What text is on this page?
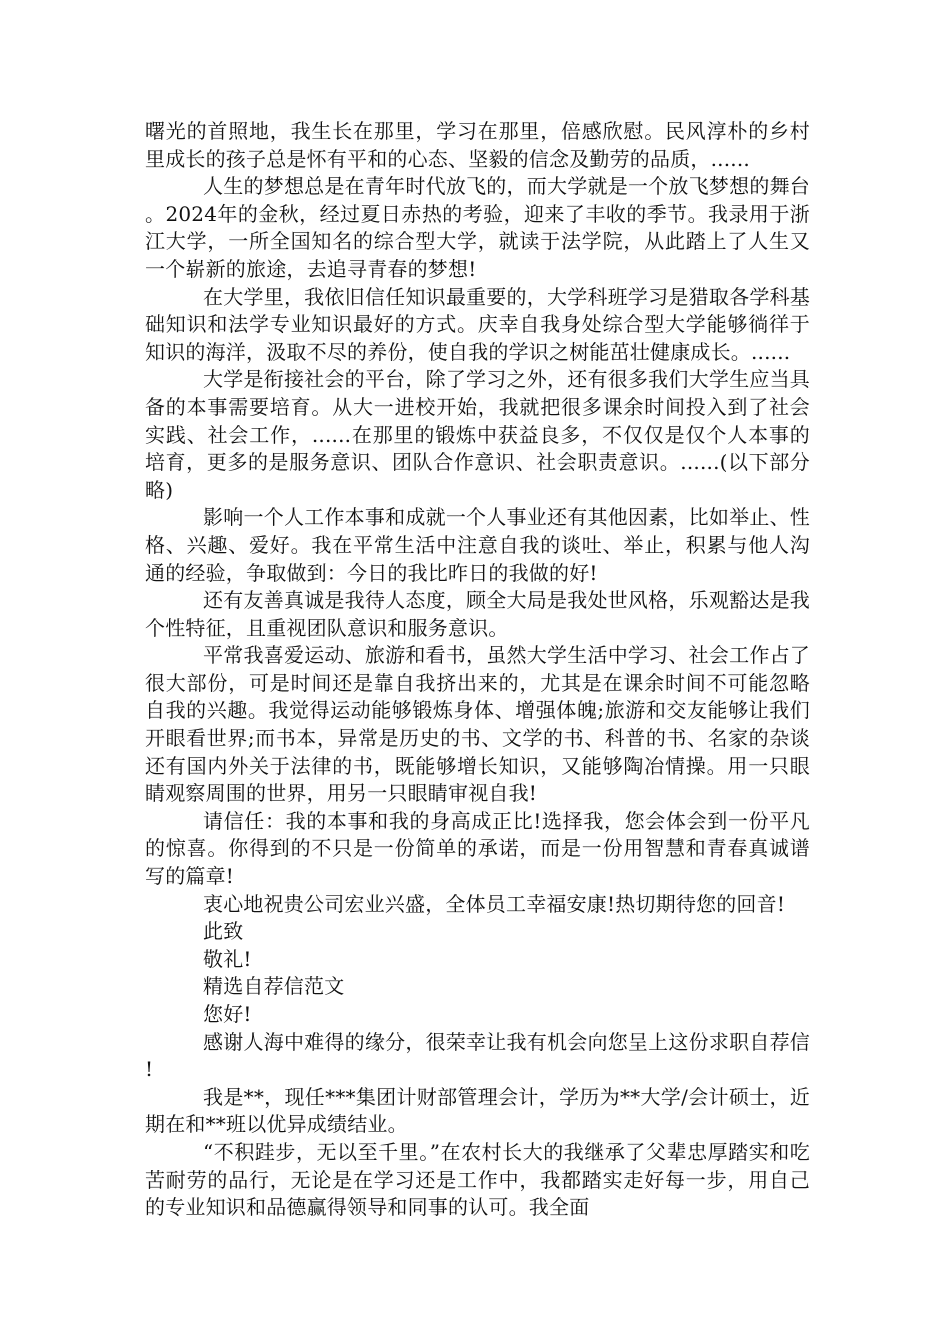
曙光的首照地，我生长在那里，学习在那里，倍感欣慰。民风淳朴的乡村里成长的孩子总是怀有平和的心态、坚毅的信念及勤劳的品质，......

人生的梦想总是在青年时代放飞的，而大学就是一个放飞梦想的舞台。2024年的金秋，经过夏日赤热的考验，迎来了丰收的季节。我录用于浙江大学，一所全国知名的综合型大学，就读于法学院，从此踏上了人生又一个崭新的旅途，去追寻青春的梦想!

在大学里，我依旧信任知识最重要的，大学科班学习是猎取各学科基础知识和法学专业知识最好的方式。庆幸自我身处综合型大学能够徜徉于知识的海洋，汲取不尽的养份，使自我的学识之树能茁壮健康成长。......

大学是衔接社会的平台，除了学习之外，还有很多我们大学生应当具备的本事需要培育。从大一进校开始，我就把很多课余时间投入到了社会实践、社会工作，......在那里的锻炼中获益良多，不仅仅是仅个人本事的培育，更多的是服务意识、团队合作意识、社会职责意识。......(以下部分略)

影响一个人工作本事和成就一个人事业还有其他因素，比如举止、性格、兴趣、爱好。我在平常生活中注意自我的谈吐、举止，积累与他人沟通的经验，争取做到：今日的我比昨日的我做的好!

还有友善真诚是我待人态度，顾全大局是我处世风格，乐观豁达是我个性特征，且重视团队意识和服务意识。

平常我喜爱运动、旅游和看书，虽然大学生活中学习、社会工作占了很大部份，可是时间还是靠自我挤出来的，尤其是在课余时间不可能忽略自我的兴趣。我觉得运动能够锻炼身体、增强体魄;旅游和交友能够让我们开眼看世界;而书本，异常是历史的书、文学的书、科普的书、名家的杂谈还有国内外关于法律的书，既能够增长知识，又能够陶冶情操。用一只眼睛观察周围的世界，用另一只眼睛审视自我!

请信任：我的本事和我的身高成正比!选择我，您会体会到一份平凡的惊喜。你得到的不只是一份简单的承诺，而是一份用智慧和青春真诚谱写的篇章!

衷心地祝贵公司宏业兴盛，全体员工幸福安康!热切期待您的回音!

此致

敬礼!

精选自荐信范文

您好!

感谢人海中难得的缘分，很荣幸让我有机会向您呈上这份求职自荐信!

我是**，现任***集团计财部管理会计，学历为**大学/会计硕士，近期在和**班以优异成绩结业。

“不积跬步，无以至千里。”在农村长大的我继承了父辈忠厚踏实和吃苦耐劳的品行，无论是在学习还是工作中，我都踏实走好每一步，用自己的专业知识和品德赢得领导和同事的认可。我全面
